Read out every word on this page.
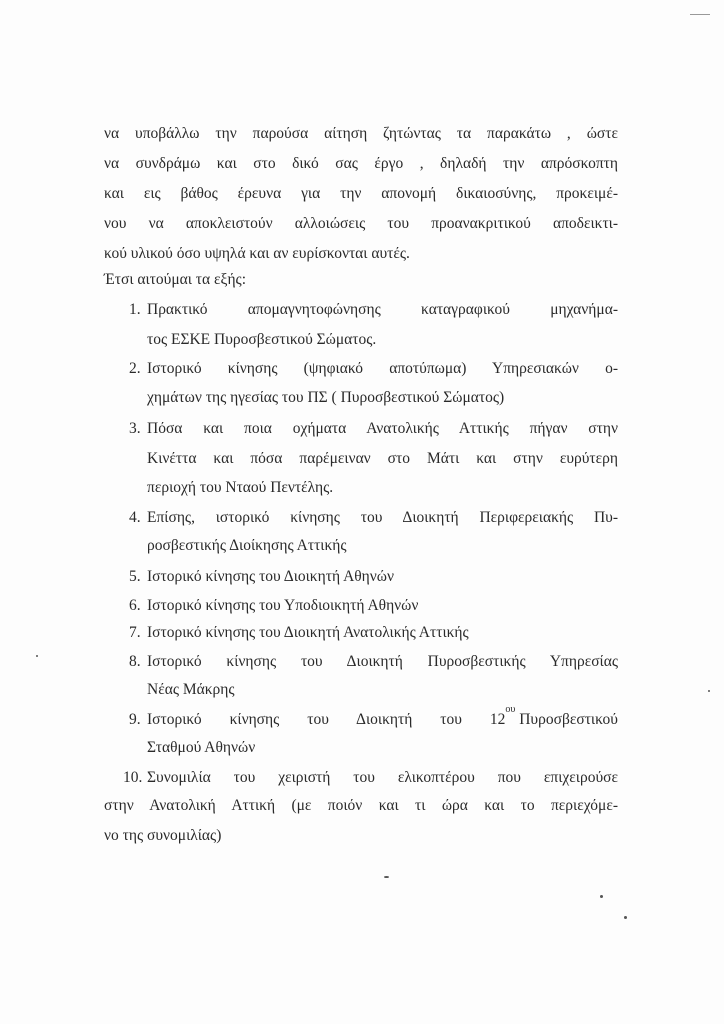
να υποβάλλω την παρούσα αίτηση ζητώντας τα παρακάτω , ώστε
να συνδράμω και στο δικό σας έργο , δηλαδή την απρόσκοπτη
και εις βάθος έρευνα για την απονομή δικαιοσύνης, προκειμέ-
νου να αποκλειστούν αλλοιώσεις του προανακριτικού αποδεικτι-
κού υλικού όσο υψηλά και αν ευρίσκονται αυτές.
Έτσι αιτούμαι τα εξής:
1. Πρακτικό απομαγνητοφώνησης καταγραφικού μηχανήμα-
τος ΕΣΚΕ Πυροσβεστικού Σώματος.
2. Ιστορικό κίνησης (ψηφιακό αποτύπωμα) Υπηρεσιακών ο-
χημάτων της ηγεσίας του ΠΣ ( Πυροσβεστικού Σώματος)
3. Πόσα και ποια οχήματα Ανατολικής Αττικής πήγαν στην
Κινέττα και πόσα παρέμειναν στο Μάτι και στην ευρύτερη
περιοχή του Νταού Πεντέλης.
4. Επίσης, ιστορικό κίνησης του Διοικητή Περιφερειακής Πυ-
ροσβεστικής Διοίκησης Αττικής
5. Ιστορικό κίνησης του Διοικητή Αθηνών
6. Ιστορικό κίνησης του Υποδιοικητή Αθηνών
7. Ιστορικό κίνησης του Διοικητή Ανατολικής Αττικής
8. Ιστορικό κίνησης του Διοικητή Πυροσβεστικής Υπηρεσίας
Νέας Μάκρης
9. Ιστορικό κίνησης του Διοικητή του 12
ου
Πυροσβεστικού
Σταθμού Αθηνών
10. Συνομιλία του χειριστή του ελικοπτέρου που επιχειρούσε
στην Ανατολική Αττική (με ποιόν και τι ώρα και το περιεχόμε-
νο της συνομιλίας)
